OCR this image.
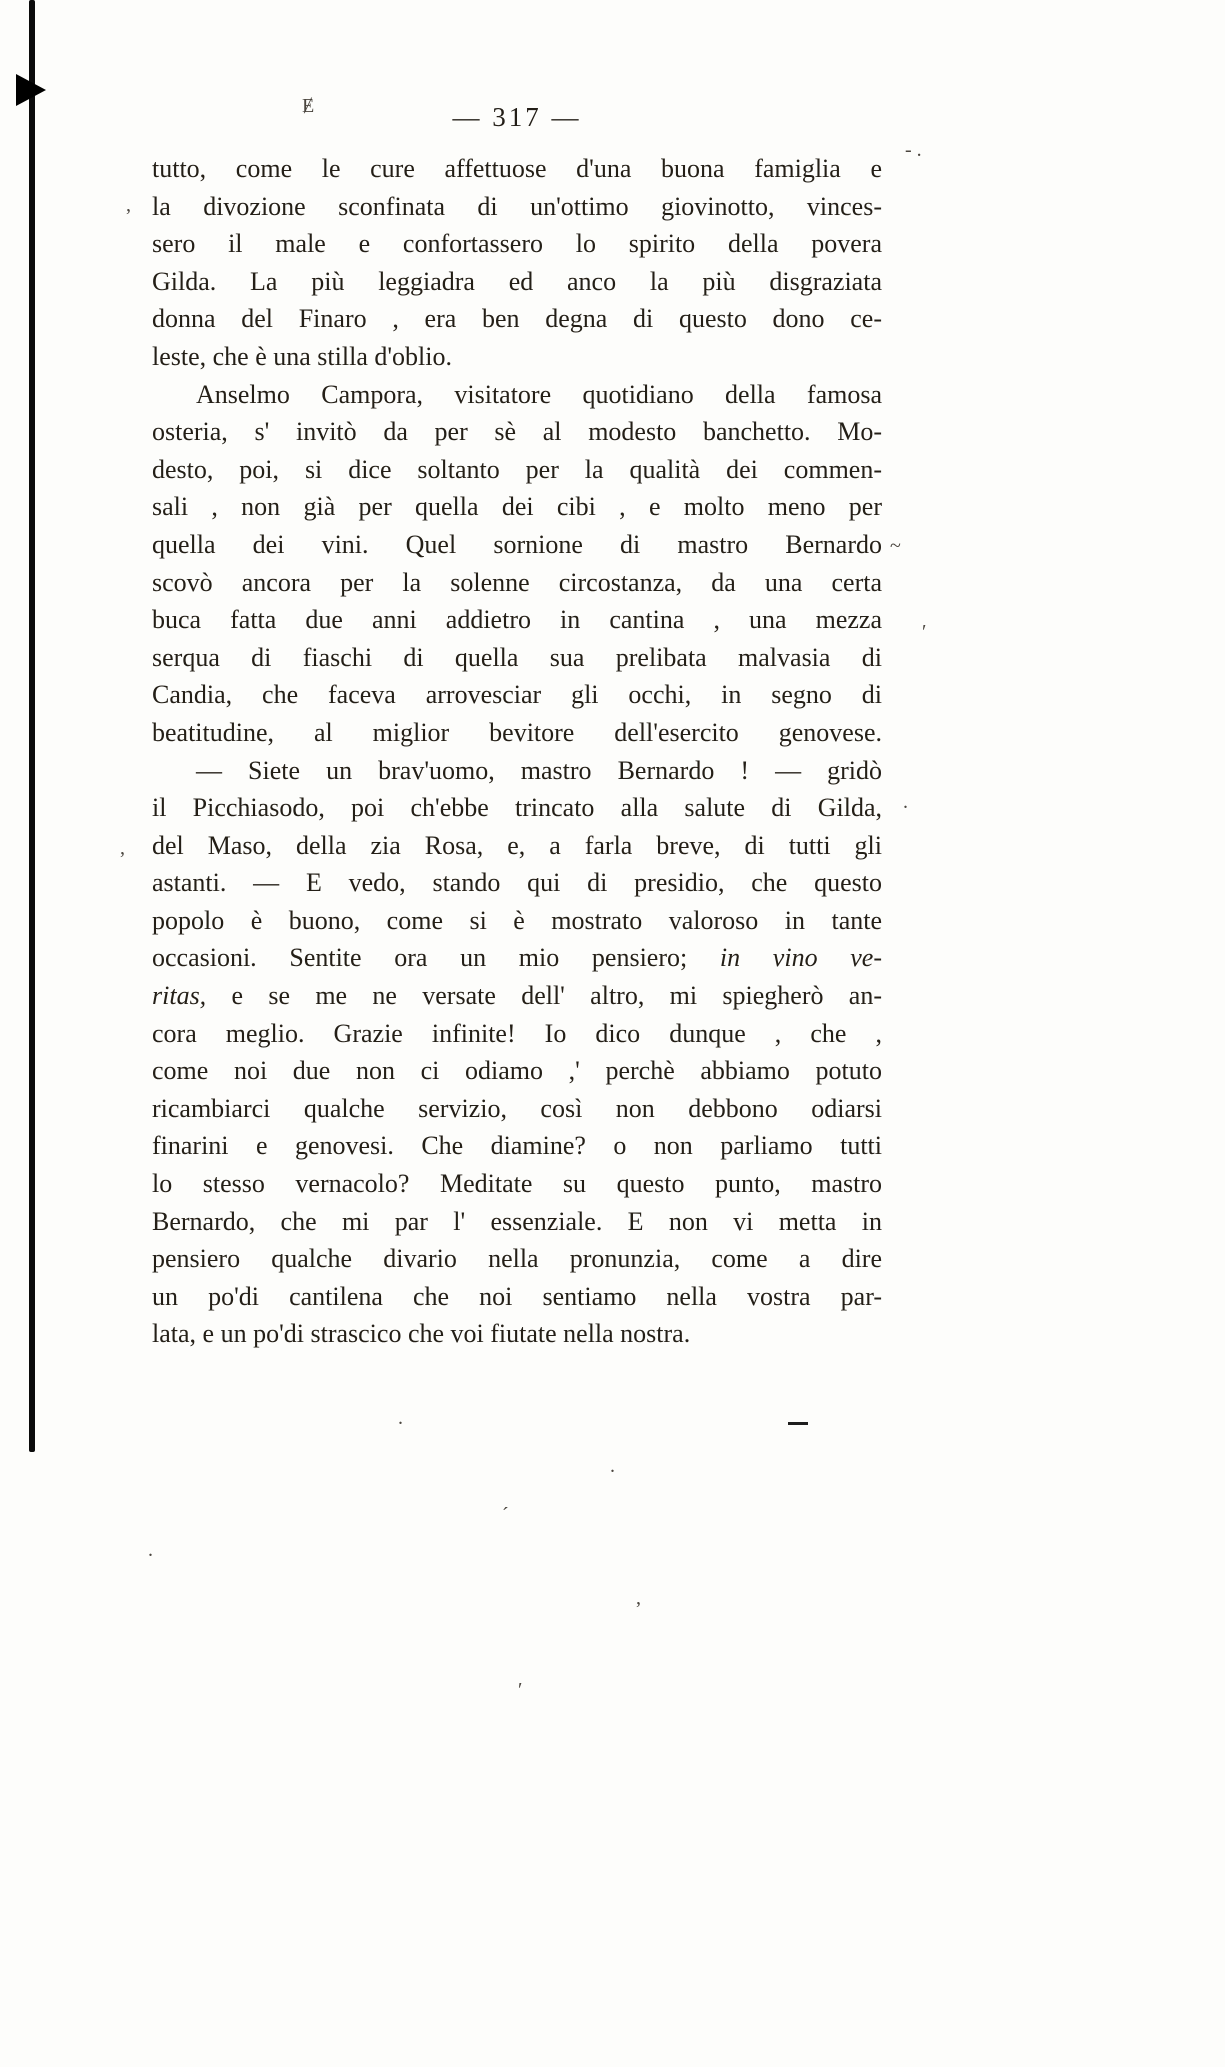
~
′
.
- .
´
.
.
Ɇ
,
,
.
,
′
— 317 —
tutto, come le cure affettuose d'una buona famiglia e
la divozione sconfinata di un'ottimo giovinotto, vinces-
sero il male e confortassero lo spirito della povera
Gilda. La più leggiadra ed anco la più disgraziata
donna del Finaro , era ben degna di questo dono ce-
leste, che è una stilla d'oblio.
Anselmo Campora, visitatore quotidiano della famosa
osteria, s' invitò da per sè al modesto banchetto. Mo-
desto, poi, si dice soltanto per la qualità dei commen-
sali , non già per quella dei cibi , e molto meno per
quella dei vini. Quel sornione di mastro Bernardo
scovò ancora per la solenne circostanza, da una certa
buca fatta due anni addietro in cantina , una mezza
serqua di fiaschi di quella sua prelibata malvasia di
Candia, che faceva arrovesciar gli occhi, in segno di
beatitudine, al miglior bevitore dell'esercito genovese.
— Siete un brav'uomo, mastro Bernardo ! — gridò
il Picchiasodo, poi ch'ebbe trincato alla salute di Gilda,
del Maso, della zia Rosa, e, a farla breve, di tutti gli
astanti. — E vedo, stando qui di presidio, che questo
popolo è buono, come si è mostrato valoroso in tante
occasioni. Sentite ora un mio pensiero; in vino ve-
ritas, e se me ne versate dell' altro, mi spiegherò an-
cora meglio. Grazie infinite! Io dico dunque , che ,
come noi due non ci odiamo ,' perchè abbiamo potuto
ricambiarci qualche servizio, così non debbono odiarsi
finarini e genovesi. Che diamine? o non parliamo tutti
lo stesso vernacolo? Meditate su questo punto, mastro
Bernardo, che mi par l' essenziale. E non vi metta in
pensiero qualche divario nella pronunzia, come a dire
un po'di cantilena che noi sentiamo nella vostra par-
lata, e un po'di strascico che voi fiutate nella nostra.
